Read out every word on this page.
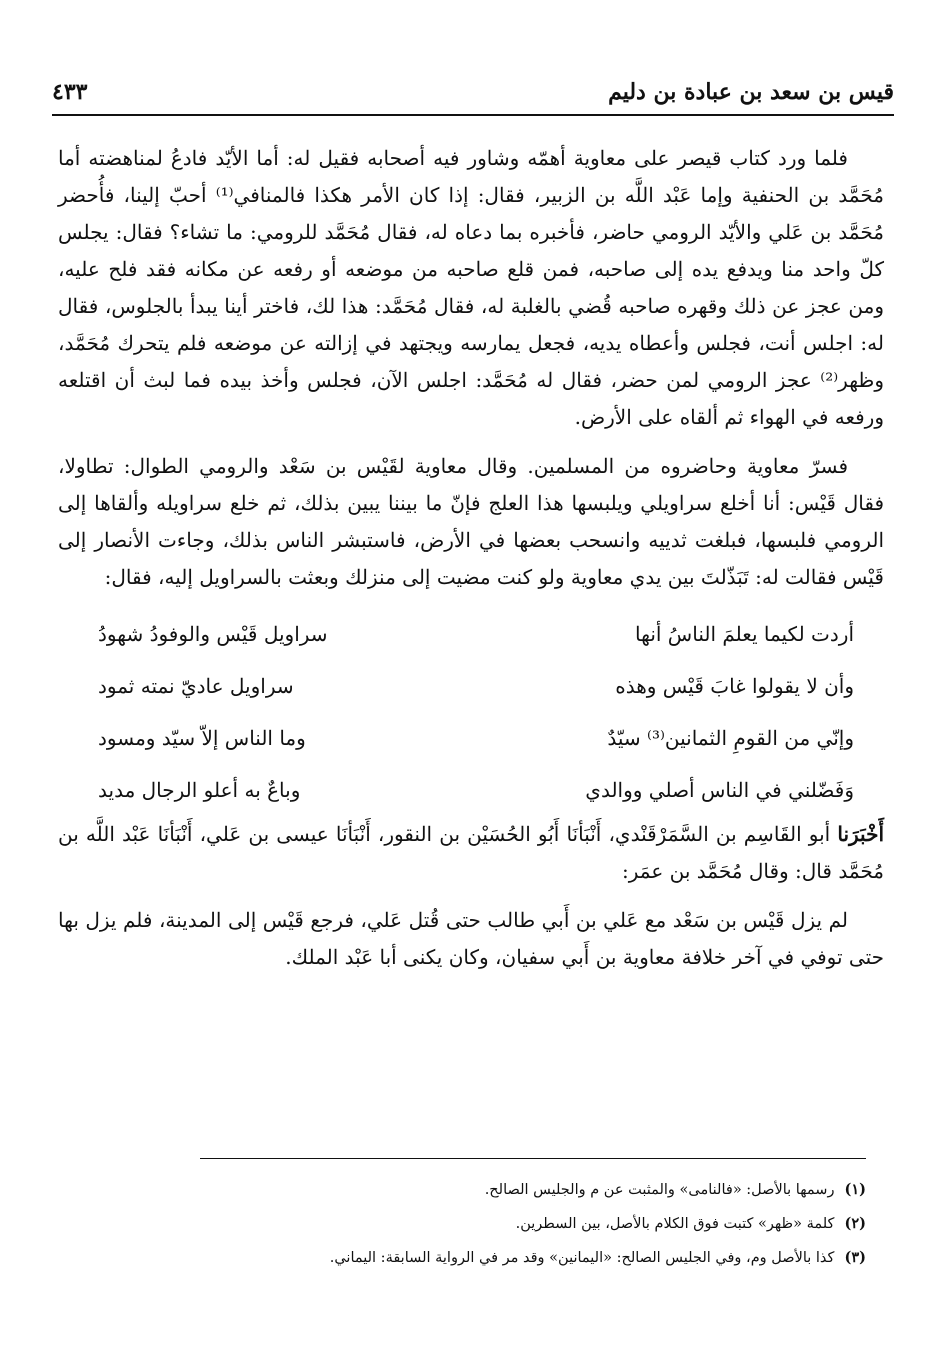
قيس بن سعد بن عبادة بن دليم
٤٣٣

فلما ورد كتاب قيصر على معاوية أهمّه وشاور فيه أصحابه فقيل له: أما الأيّد فادعُ لمناهضته أما مُحَمَّد بن الحنفية وإما عَبْد اللَّه بن الزبير، فقال: إذا كان الأمر هكذا فالمنافي⁽¹⁾ أحبّ إلينا، فأُحضر مُحَمَّد بن عَلي والأيّد الرومي حاضر، فأخبره بما دعاه له، فقال مُحَمَّد للرومي: ما تشاء؟ فقال: يجلس كلّ واحد منا ويدفع يده إلى صاحبه، فمن قلع صاحبه من موضعه أو رفعه عن مكانه فقد فلح عليه، ومن عجز عن ذلك وقهره صاحبه قُضي بالغلبة له، فقال مُحَمَّد: هذا لك، فاختر أينا يبدأ بالجلوس، فقال له: اجلس أنت، فجلس وأعطاه يديه، فجعل يمارسه ويجتهد في إزالته عن موضعه فلم يتحرك مُحَمَّد، وظهر⁽²⁾ عجز الرومي لمن حضر، فقال له مُحَمَّد: اجلس الآن، فجلس وأخذ بيده فما لبث أن اقتلعه ورفعه في الهواء ثم ألقاه على الأرض.

فسرّ معاوية وحاضروه من المسلمين. وقال معاوية لقَيْس بن سَعْد والرومي الطوال: تطاولا، فقال قَيْس: أنا أخلع سراويلي ويلبسها هذا العلج فإنّ ما بيننا يبين بذلك، ثم خلع سراويله وألقاها إلى الرومي فلبسها، فبلغت ثدييه وانسحب بعضها في الأرض، فاستبشر الناس بذلك، وجاءت الأنصار إلى قَيْس فقالت له: تَبَذّلتَ بين يدي معاوية ولو كنت مضيت إلى منزلك وبعثت بالسراويل إليه، فقال:

أردت لكيما يعلمَ الناسُ أنها
سراويل قَيْس والوفودُ شهودُ
وأن لا يقولوا غابَ قَيْس وهذه
سراويل عاديّ نمته ثمود
وإنّي من القومِ الثمانين⁽³⁾ سيّدٌ
وما الناس إلاّ سيّد ومسود
وَفَضّلني في الناس أصلي ووالدي
وباعٌ به أعلو الرجال مديد

أَخْبَرَنا أبو القَاسِم بن السَّمَرْقَنْدي، أَنْبَأنَا أَبُو الحُسَيْن بن النقور، أَنْبَأنَا عيسى بن عَلي، أَنْبَأنَا عَبْد اللَّه بن مُحَمَّد قال: وقال مُحَمَّد بن عمَر:

لم يزل قَيْس بن سَعْد مع عَلي بن أَبي طالب حتى قُتل عَلي، فرجع قَيْس إلى المدينة، فلم يزل بها حتى توفي في آخر خلافة معاوية بن أَبي سفيان، وكان يكنى أبا عَبْد الملك.

(١)رسمها بالأصل: «فالنامى» والمثبت عن م والجليس الصالح.
(٢)كلمة «ظهر» كتبت فوق الكلام بالأصل، بين السطرين.
(٣)كذا بالأصل وم، وفي الجليس الصالح: «اليمانين» وقد مر في الرواية السابقة: اليماني.
